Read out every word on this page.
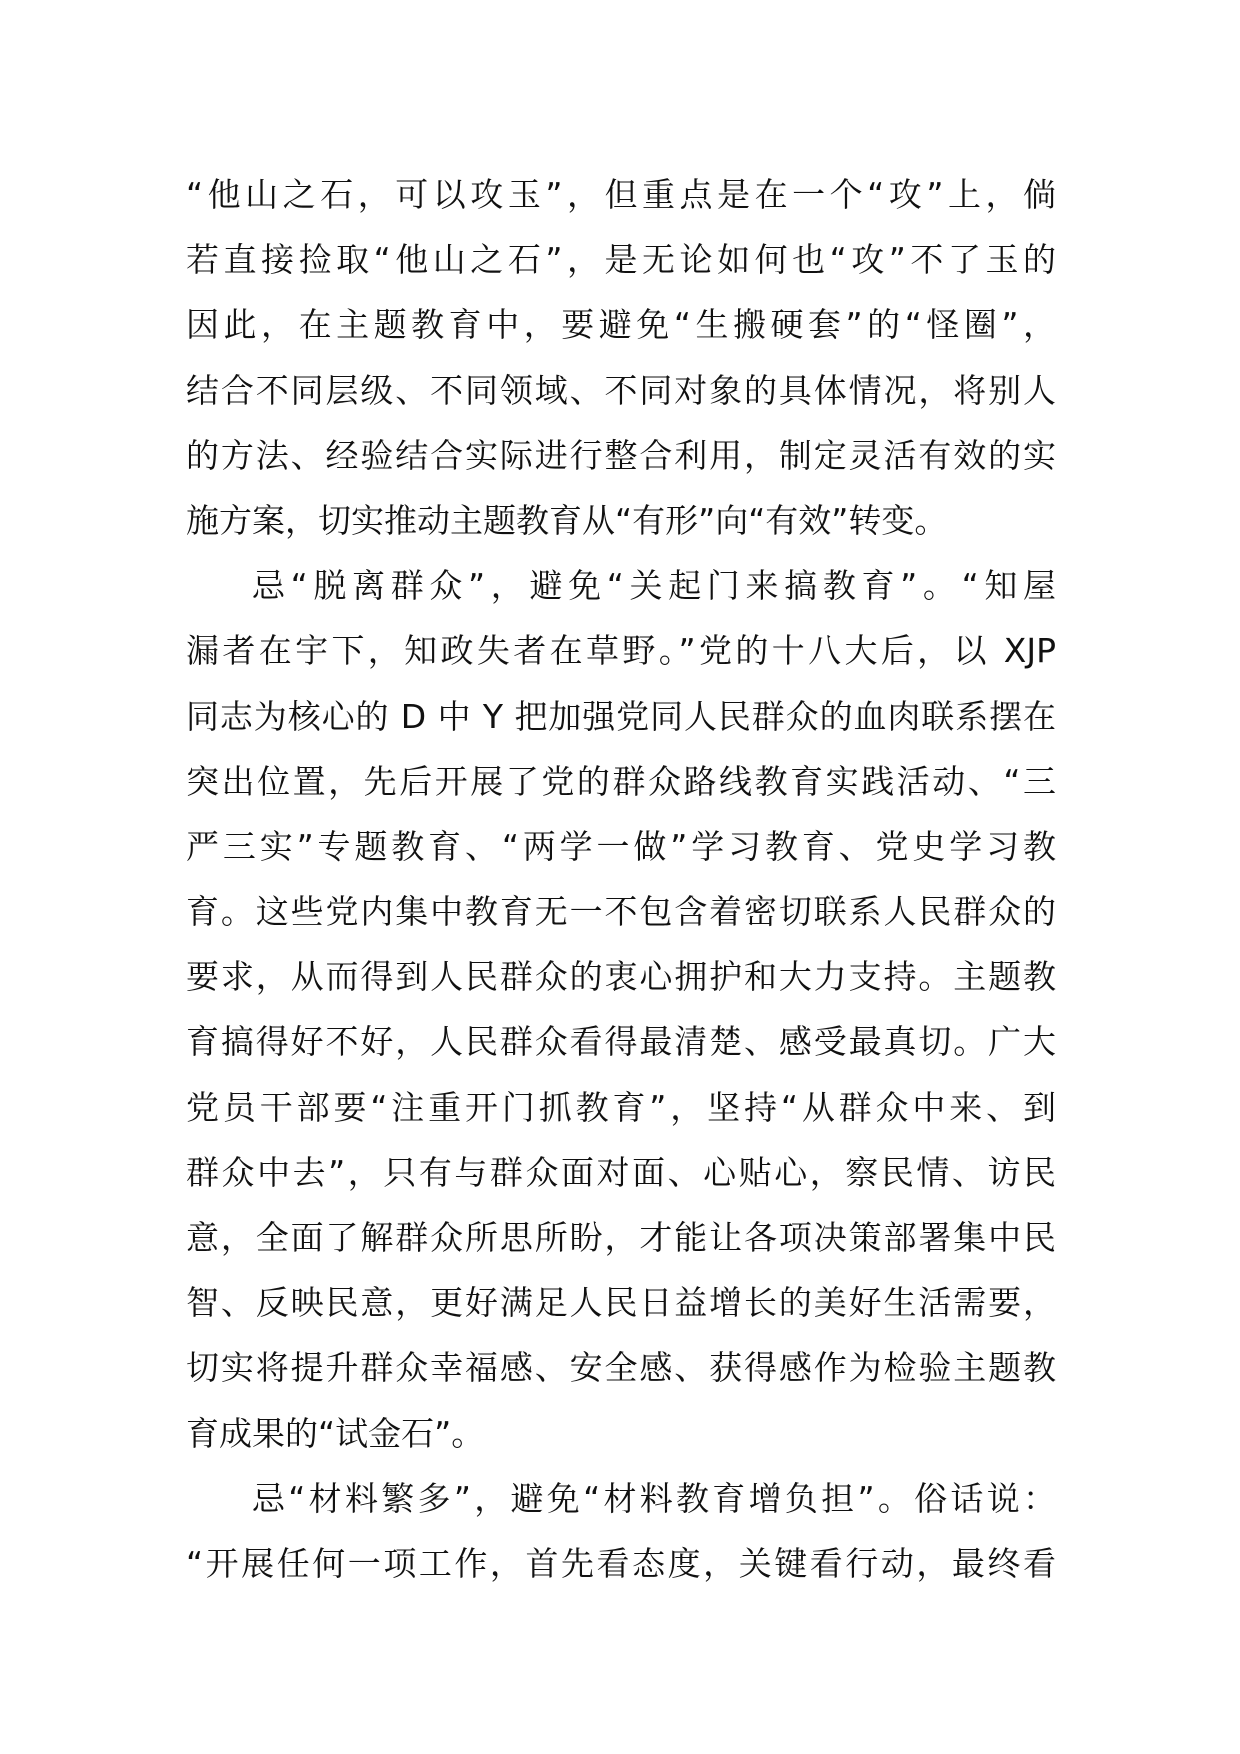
“他山之石，可以攻玉”，但重点是在一个“攻”上，倘
若直接捡取“他山之石”，是无论如何也“攻”不了玉的
因此，在主题教育中，要避免“生搬硬套”的“怪圈”，
结合不同层级、不同领域、不同对象的具体情况，将别人
的方法、经验结合实际进行整合利用，制定灵活有效的实
施方案，切实推动主题教育从“有形”向“有效”转变。
忌“脱离群众”，避免“关起门来搞教育”。“知屋
漏者在宇下，知政失者在草野。”党的十八大后，以 XJP
同志为核心的 D 中 Y 把加强党同人民群众的血肉联系摆在
突出位置，先后开展了党的群众路线教育实践活动、“三
严三实”专题教育、“两学一做”学习教育、党史学习教
育。这些党内集中教育无一不包含着密切联系人民群众的
要求，从而得到人民群众的衷心拥护和大力支持。主题教
育搞得好不好，人民群众看得最清楚、感受最真切。广大
党员干部要“注重开门抓教育”，坚持“从群众中来、到
群众中去”，只有与群众面对面、心贴心，察民情、访民
意，全面了解群众所思所盼，才能让各项决策部署集中民
智、反映民意，更好满足人民日益增长的美好生活需要，
切实将提升群众幸福感、安全感、获得感作为检验主题教
育成果的“试金石”。
忌“材料繁多”，避免“材料教育增负担”。俗话说：
“开展任何一项工作，首先看态度，关键看行动，最终看
